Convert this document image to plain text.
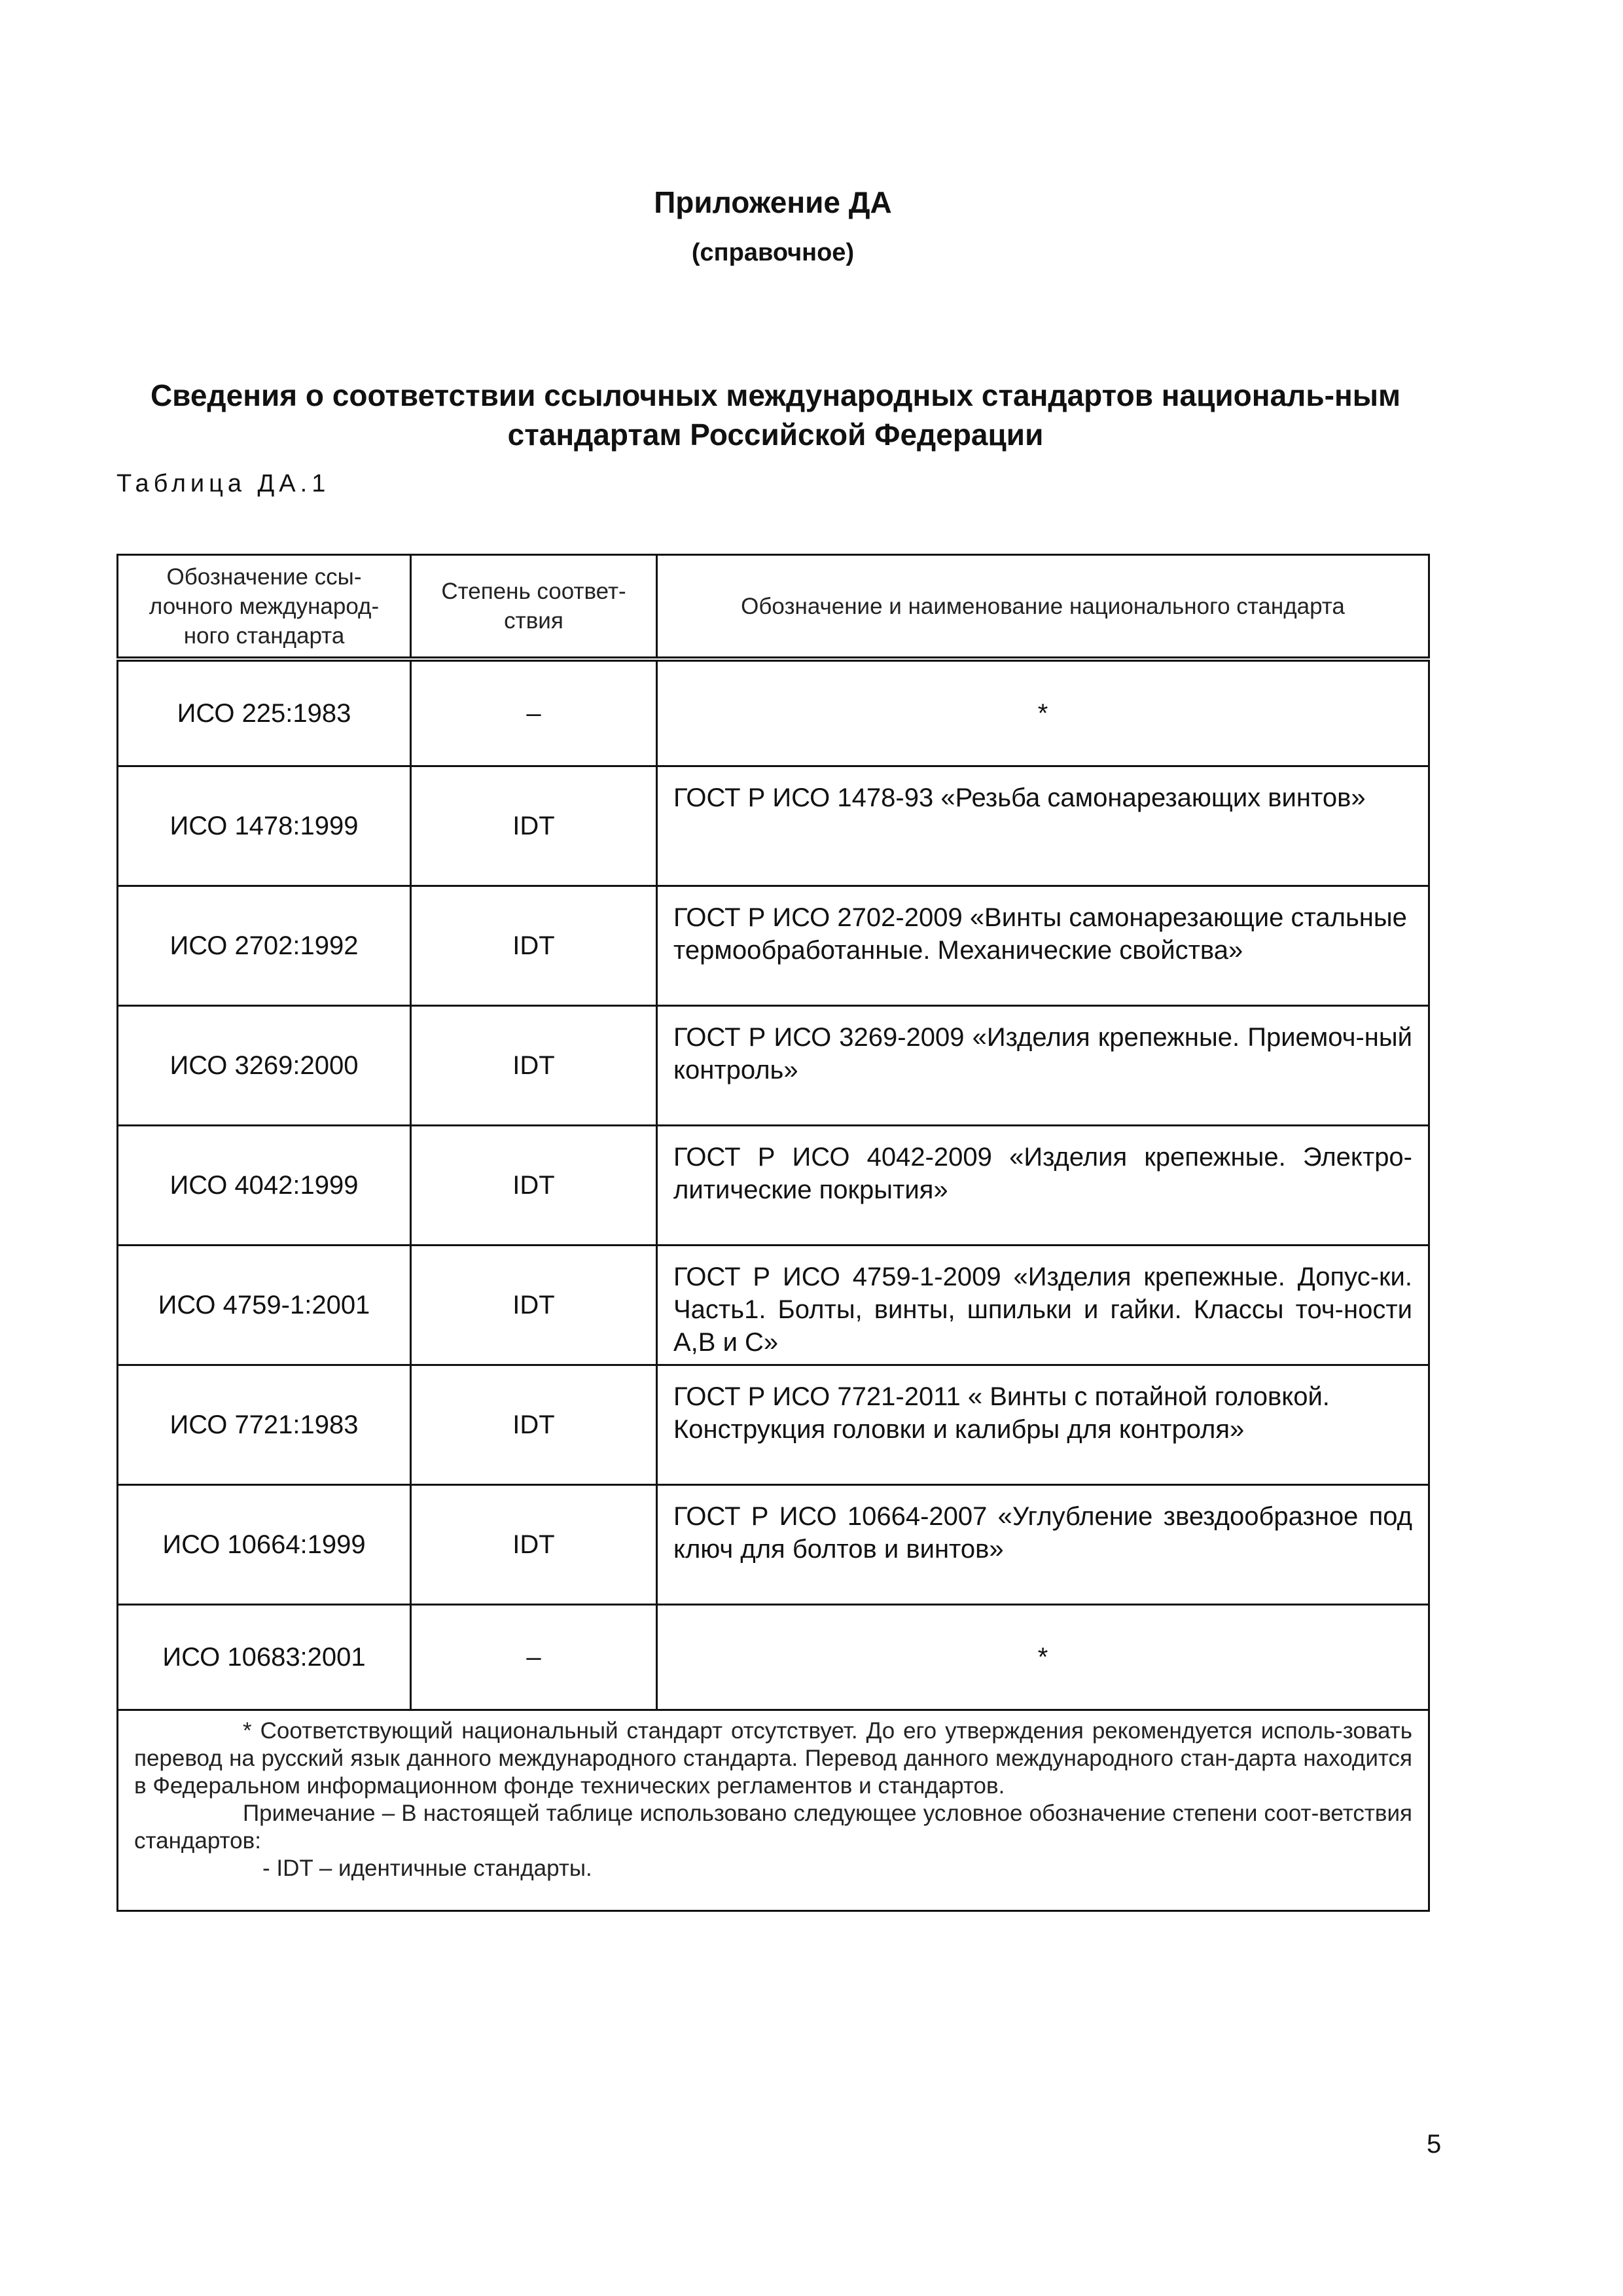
Приложение ДА
(справочное)
Сведения о соответствии ссылочных международных стандартов националь-ным стандартам Российской Федерации
Таблица ДА.1
Обозначение ссы-лочного международ-ного стандарта	Степень соответ-ствия	Обозначение и наименование национального стандарта
ИСО 225:1983	–	*
ИСО 1478:1999	IDT	ГОСТ Р ИСО 1478-93 «Резьба самонарезающих винтов»
ИСО 2702:1992	IDT	ГОСТ Р ИСО 2702-2009 «Винты самонарезающие стальные термообработанные. Механические свойства»
ИСО 3269:2000	IDT	ГОСТ Р ИСО 3269-2009 «Изделия крепежные. Приемоч-ный контроль»
ИСО 4042:1999	IDT	ГОСТ Р ИСО 4042-2009 «Изделия крепежные. Электро-литические покрытия»
ИСО 4759-1:2001	IDT	ГОСТ Р ИСО 4759-1-2009 «Изделия крепежные. Допус-ки. Часть1. Болты, винты, шпильки и гайки. Классы точ-ности А,В и С»
ИСО 7721:1983	IDT	ГОСТ Р ИСО 7721-2011 « Винты с потайной головкой. Конструкция головки и калибры для контроля»
ИСО 10664:1999	IDT	ГОСТ Р ИСО 10664-2007 «Углубление звездообразное под ключ для болтов и винтов»
ИСО 10683:2001	–	*

* Соответствующий национальный стандарт отсутствует. До его утверждения рекомендуется исполь-зовать перевод на русский язык данного международного стандарта. Перевод данного международного стан-дарта находится в Федеральном информационном фонде технических регламентов и стандартов.

Примечание – В настоящей таблице использовано следующее условное обозначение степени соот-ветствия стандартов:

- IDT – идентичные стандарты.		

5
